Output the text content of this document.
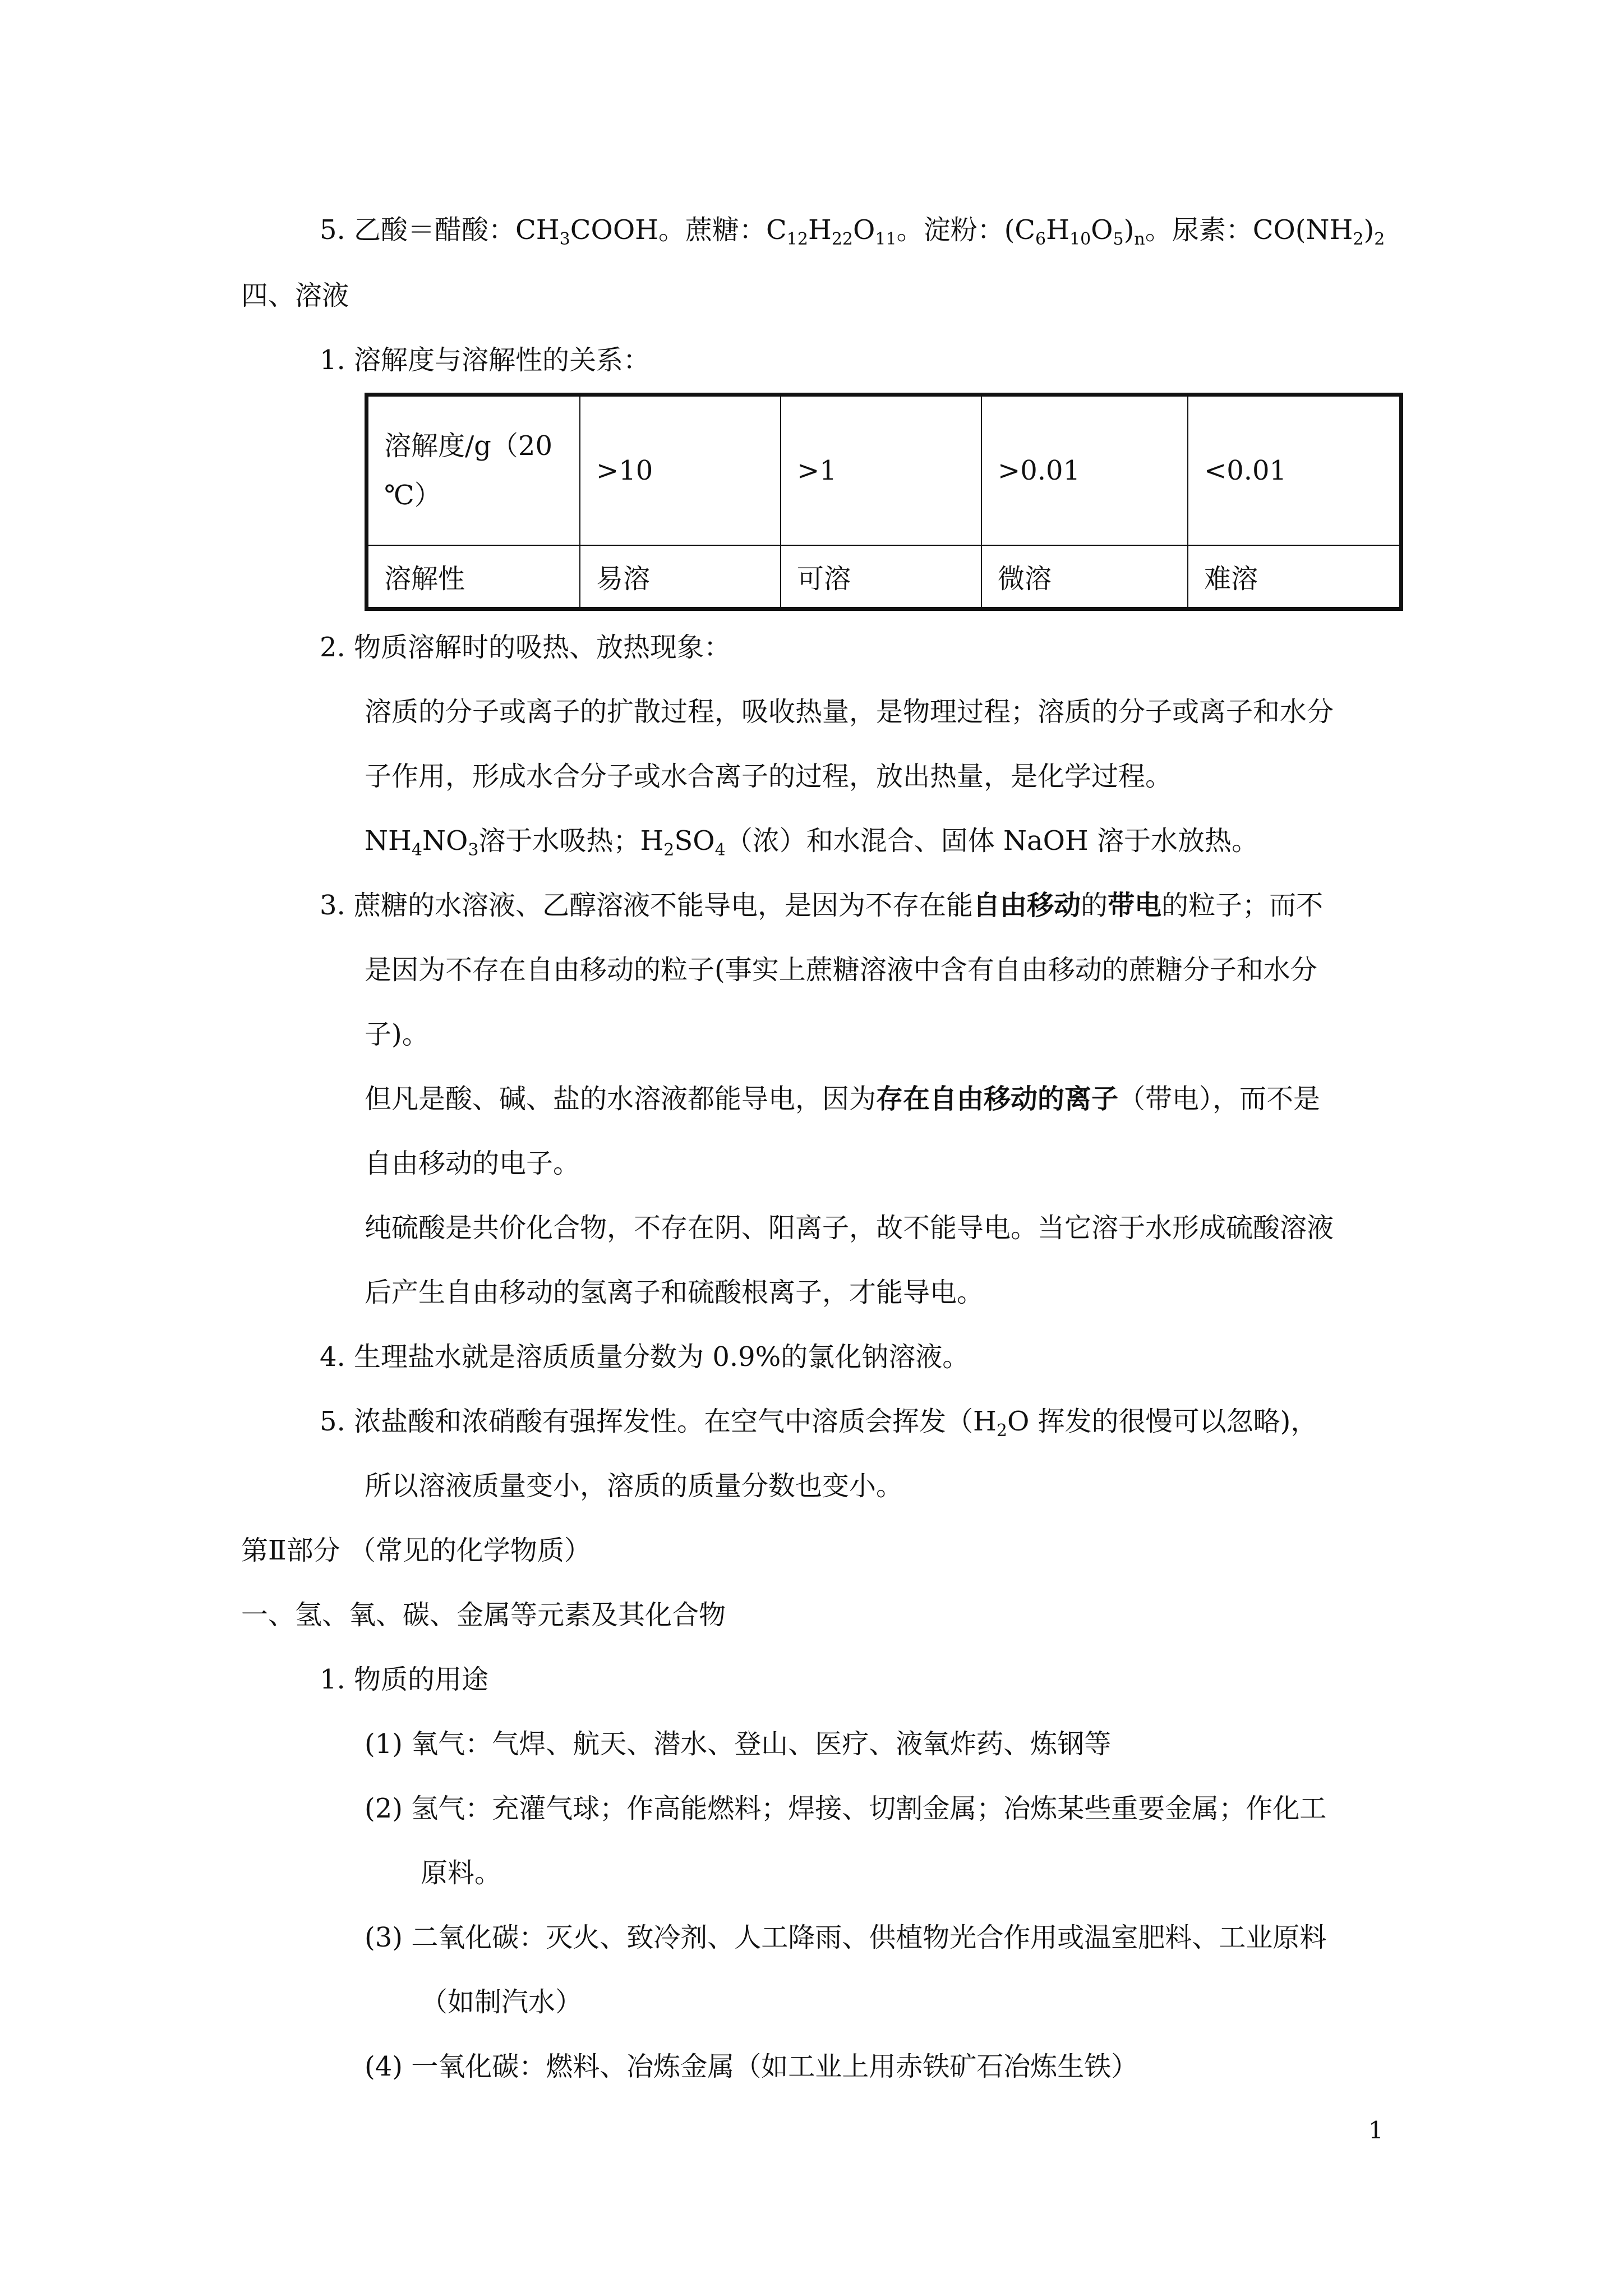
5. 乙酸＝醋酸：$CH_3COOH$。蔗糖：$C_{12}H_{22}O_{11}$。淀粉：$(C_6H_{10}O_5)_n$。尿素：$CO(NH_2)_2$
四、溶液
1. 溶解度与溶解性的关系：
溶解度/g（20 ℃）	>10	>1	>0.01	<0.01
溶解性	易溶	可溶	微溶	难溶
2. 物质溶解时的吸热、放热现象：
溶质的分子或离子的扩散过程，吸收热量，是物理过程；溶质的分子或离子和水分
子作用，形成水合分子或水合离子的过程，放出热量，是化学过程。
$NH_4NO_3$溶于水吸热；$H_2SO_4$（浓）和水混合、固体 NaOH 溶于水放热。
3. 蔗糖的水溶液、乙醇溶液不能导电，是因为不存在能自由移动的带电的粒子；而不
是因为不存在自由移动的粒子(事实上蔗糖溶液中含有自由移动的蔗糖分子和水分
子)。
但凡是酸、碱、盐的水溶液都能导电，因为存在自由移动的离子（带电），而不是
自由移动的电子。
纯硫酸是共价化合物，不存在阴、阳离子，故不能导电。当它溶于水形成硫酸溶液
后产生自由移动的氢离子和硫酸根离子，才能导电。
4. 生理盐水就是溶质质量分数为 0.9%的氯化钠溶液。
5. 浓盐酸和浓硝酸有强挥发性。在空气中溶质会挥发（$H_2O$ 挥发的很慢可以忽略)，
所以溶液质量变小，溶质的质量分数也变小。
第Ⅱ部分 （常见的化学物质）
一、氢、氧、碳、金属等元素及其化合物
1. 物质的用途
(1) 氧气：气焊、航天、潜水、登山、医疗、液氧炸药、炼钢等
(2) 氢气：充灌气球；作高能燃料；焊接、切割金属；冶炼某些重要金属；作化工
原料。
(3) 二氧化碳：灭火、致冷剂、人工降雨、供植物光合作用或温室肥料、工业原料
（如制汽水）
(4) 一氧化碳：燃料、冶炼金属（如工业上用赤铁矿石冶炼生铁）
1
